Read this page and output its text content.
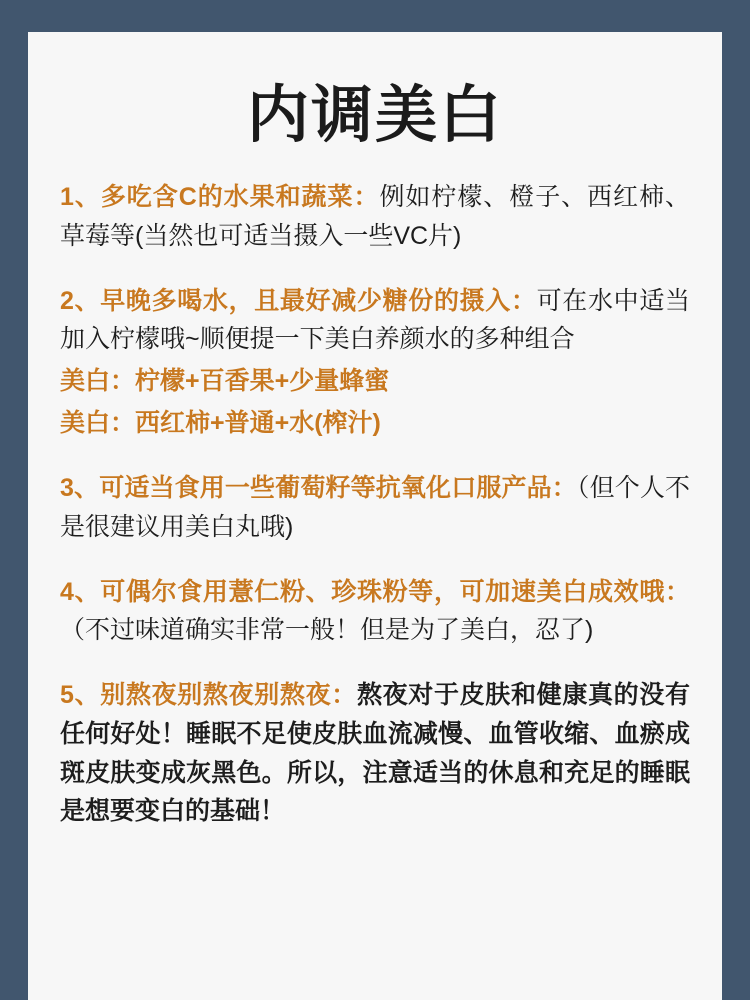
内调美白
1、多吃含C的水果和蔬菜：例如柠檬、橙子、西红柿、草莓等(当然也可适当摄入一些VC片)
2、早晚多喝水，且最好减少糖份的摄入：可在水中适当加入柠檬哦~顺便提一下美白养颜水的多种组合
美白：柠檬+百香果+少量蜂蜜
美白：西红柿+普通+水(榨汁)
3、可适当食用一些葡萄籽等抗氧化口服产品：（但个人不是很建议用美白丸哦)
4、可偶尔食用薏仁粉、珍珠粉等，可加速美白成效哦：（不过味道确实非常一般！但是为了美白，忍了)
5、别熬夜别熬夜别熬夜：熬夜对于皮肤和健康真的没有任何好处！睡眠不足使皮肤血流减慢、血管收缩、血瘀成斑皮肤变成灰黑色。所以，注意适当的休息和充足的睡眠是想要变白的基础！
